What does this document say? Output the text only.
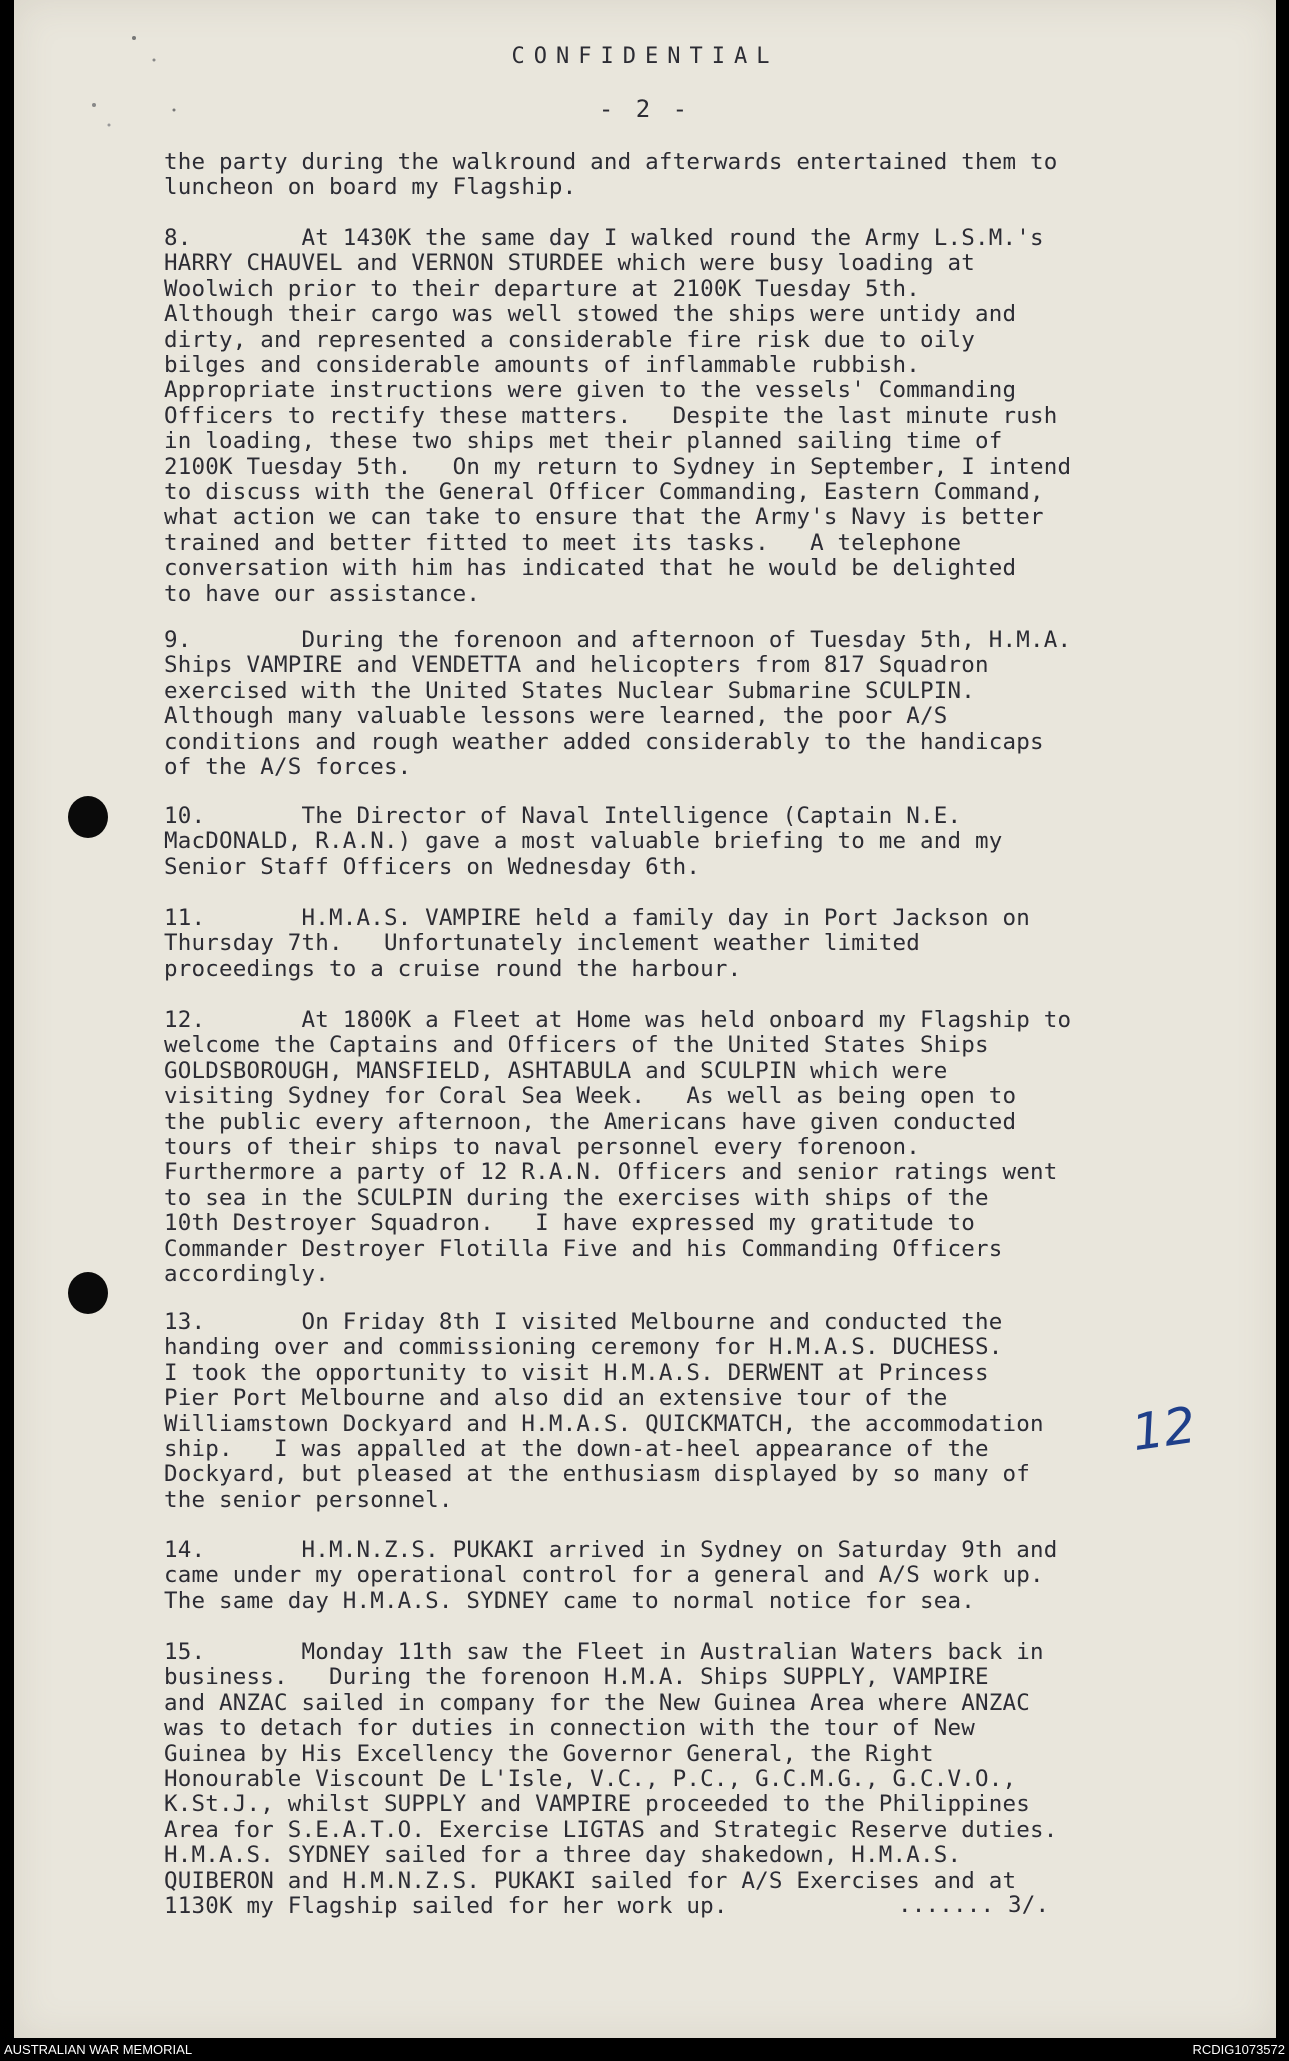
CONFIDENTIAL
- 2 -
the party during the walkround and afterwards entertained them to
luncheon on board my Flagship.
8.        At 1430K the same day I walked round the Army L.S.M.'s
HARRY CHAUVEL and VERNON STURDEE which were busy loading at
Woolwich prior to their departure at 2100K Tuesday 5th.
Although their cargo was well stowed the ships were untidy and
dirty, and represented a considerable fire risk due to oily
bilges and considerable amounts of inflammable rubbish.
Appropriate instructions were given to the vessels' Commanding
Officers to rectify these matters.   Despite the last minute rush
in loading, these two ships met their planned sailing time of
2100K Tuesday 5th.   On my return to Sydney in September, I intend
to discuss with the General Officer Commanding, Eastern Command,
what action we can take to ensure that the Army's Navy is better
trained and better fitted to meet its tasks.   A telephone
conversation with him has indicated that he would be delighted
to have our assistance.
9.        During the forenoon and afternoon of Tuesday 5th, H.M.A.
Ships VAMPIRE and VENDETTA and helicopters from 817 Squadron
exercised with the United States Nuclear Submarine SCULPIN.
Although many valuable lessons were learned, the poor A/S
conditions and rough weather added considerably to the handicaps
of the A/S forces.
10.       The Director of Naval Intelligence (Captain N.E.
MacDONALD, R.A.N.) gave a most valuable briefing to me and my
Senior Staff Officers on Wednesday 6th.
11.       H.M.A.S. VAMPIRE held a family day in Port Jackson on
Thursday 7th.   Unfortunately inclement weather limited
proceedings to a cruise round the harbour.
12.       At 1800K a Fleet at Home was held onboard my Flagship to
welcome the Captains and Officers of the United States Ships
GOLDSBOROUGH, MANSFIELD, ASHTABULA and SCULPIN which were
visiting Sydney for Coral Sea Week.   As well as being open to
the public every afternoon, the Americans have given conducted
tours of their ships to naval personnel every forenoon.
Furthermore a party of 12 R.A.N. Officers and senior ratings went
to sea in the SCULPIN during the exercises with ships of the
10th Destroyer Squadron.   I have expressed my gratitude to
Commander Destroyer Flotilla Five and his Commanding Officers
accordingly.
13.       On Friday 8th I visited Melbourne and conducted the
handing over and commissioning ceremony for H.M.A.S. DUCHESS.
I took the opportunity to visit H.M.A.S. DERWENT at Princess
Pier Port Melbourne and also did an extensive tour of the
Williamstown Dockyard and H.M.A.S. QUICKMATCH, the accommodation
ship.   I was appalled at the down-at-heel appearance of the
Dockyard, but pleased at the enthusiasm displayed by so many of
the senior personnel.
14.       H.M.N.Z.S. PUKAKI arrived in Sydney on Saturday 9th and
came under my operational control for a general and A/S work up.
The same day H.M.A.S. SYDNEY came to normal notice for sea.
15.       Monday 11th saw the Fleet in Australian Waters back in
business.   During the forenoon H.M.A. Ships SUPPLY, VAMPIRE
and ANZAC sailed in company for the New Guinea Area where ANZAC
was to detach for duties in connection with the tour of New
Guinea by His Excellency the Governor General, the Right
Honourable Viscount De L'Isle, V.C., P.C., G.C.M.G., G.C.V.O.,
K.St.J., whilst SUPPLY and VAMPIRE proceeded to the Philippines
Area for S.E.A.T.O. Exercise LIGTAS and Strategic Reserve duties.
H.M.A.S. SYDNEY sailed for a three day shakedown, H.M.A.S.
QUIBERON and H.M.N.Z.S. PUKAKI sailed for A/S Exercises and at
1130K my Flagship sailed for her work up.	....... 3/.
12
AUSTRALIAN WAR MEMORIAL	RCDIG1073572
